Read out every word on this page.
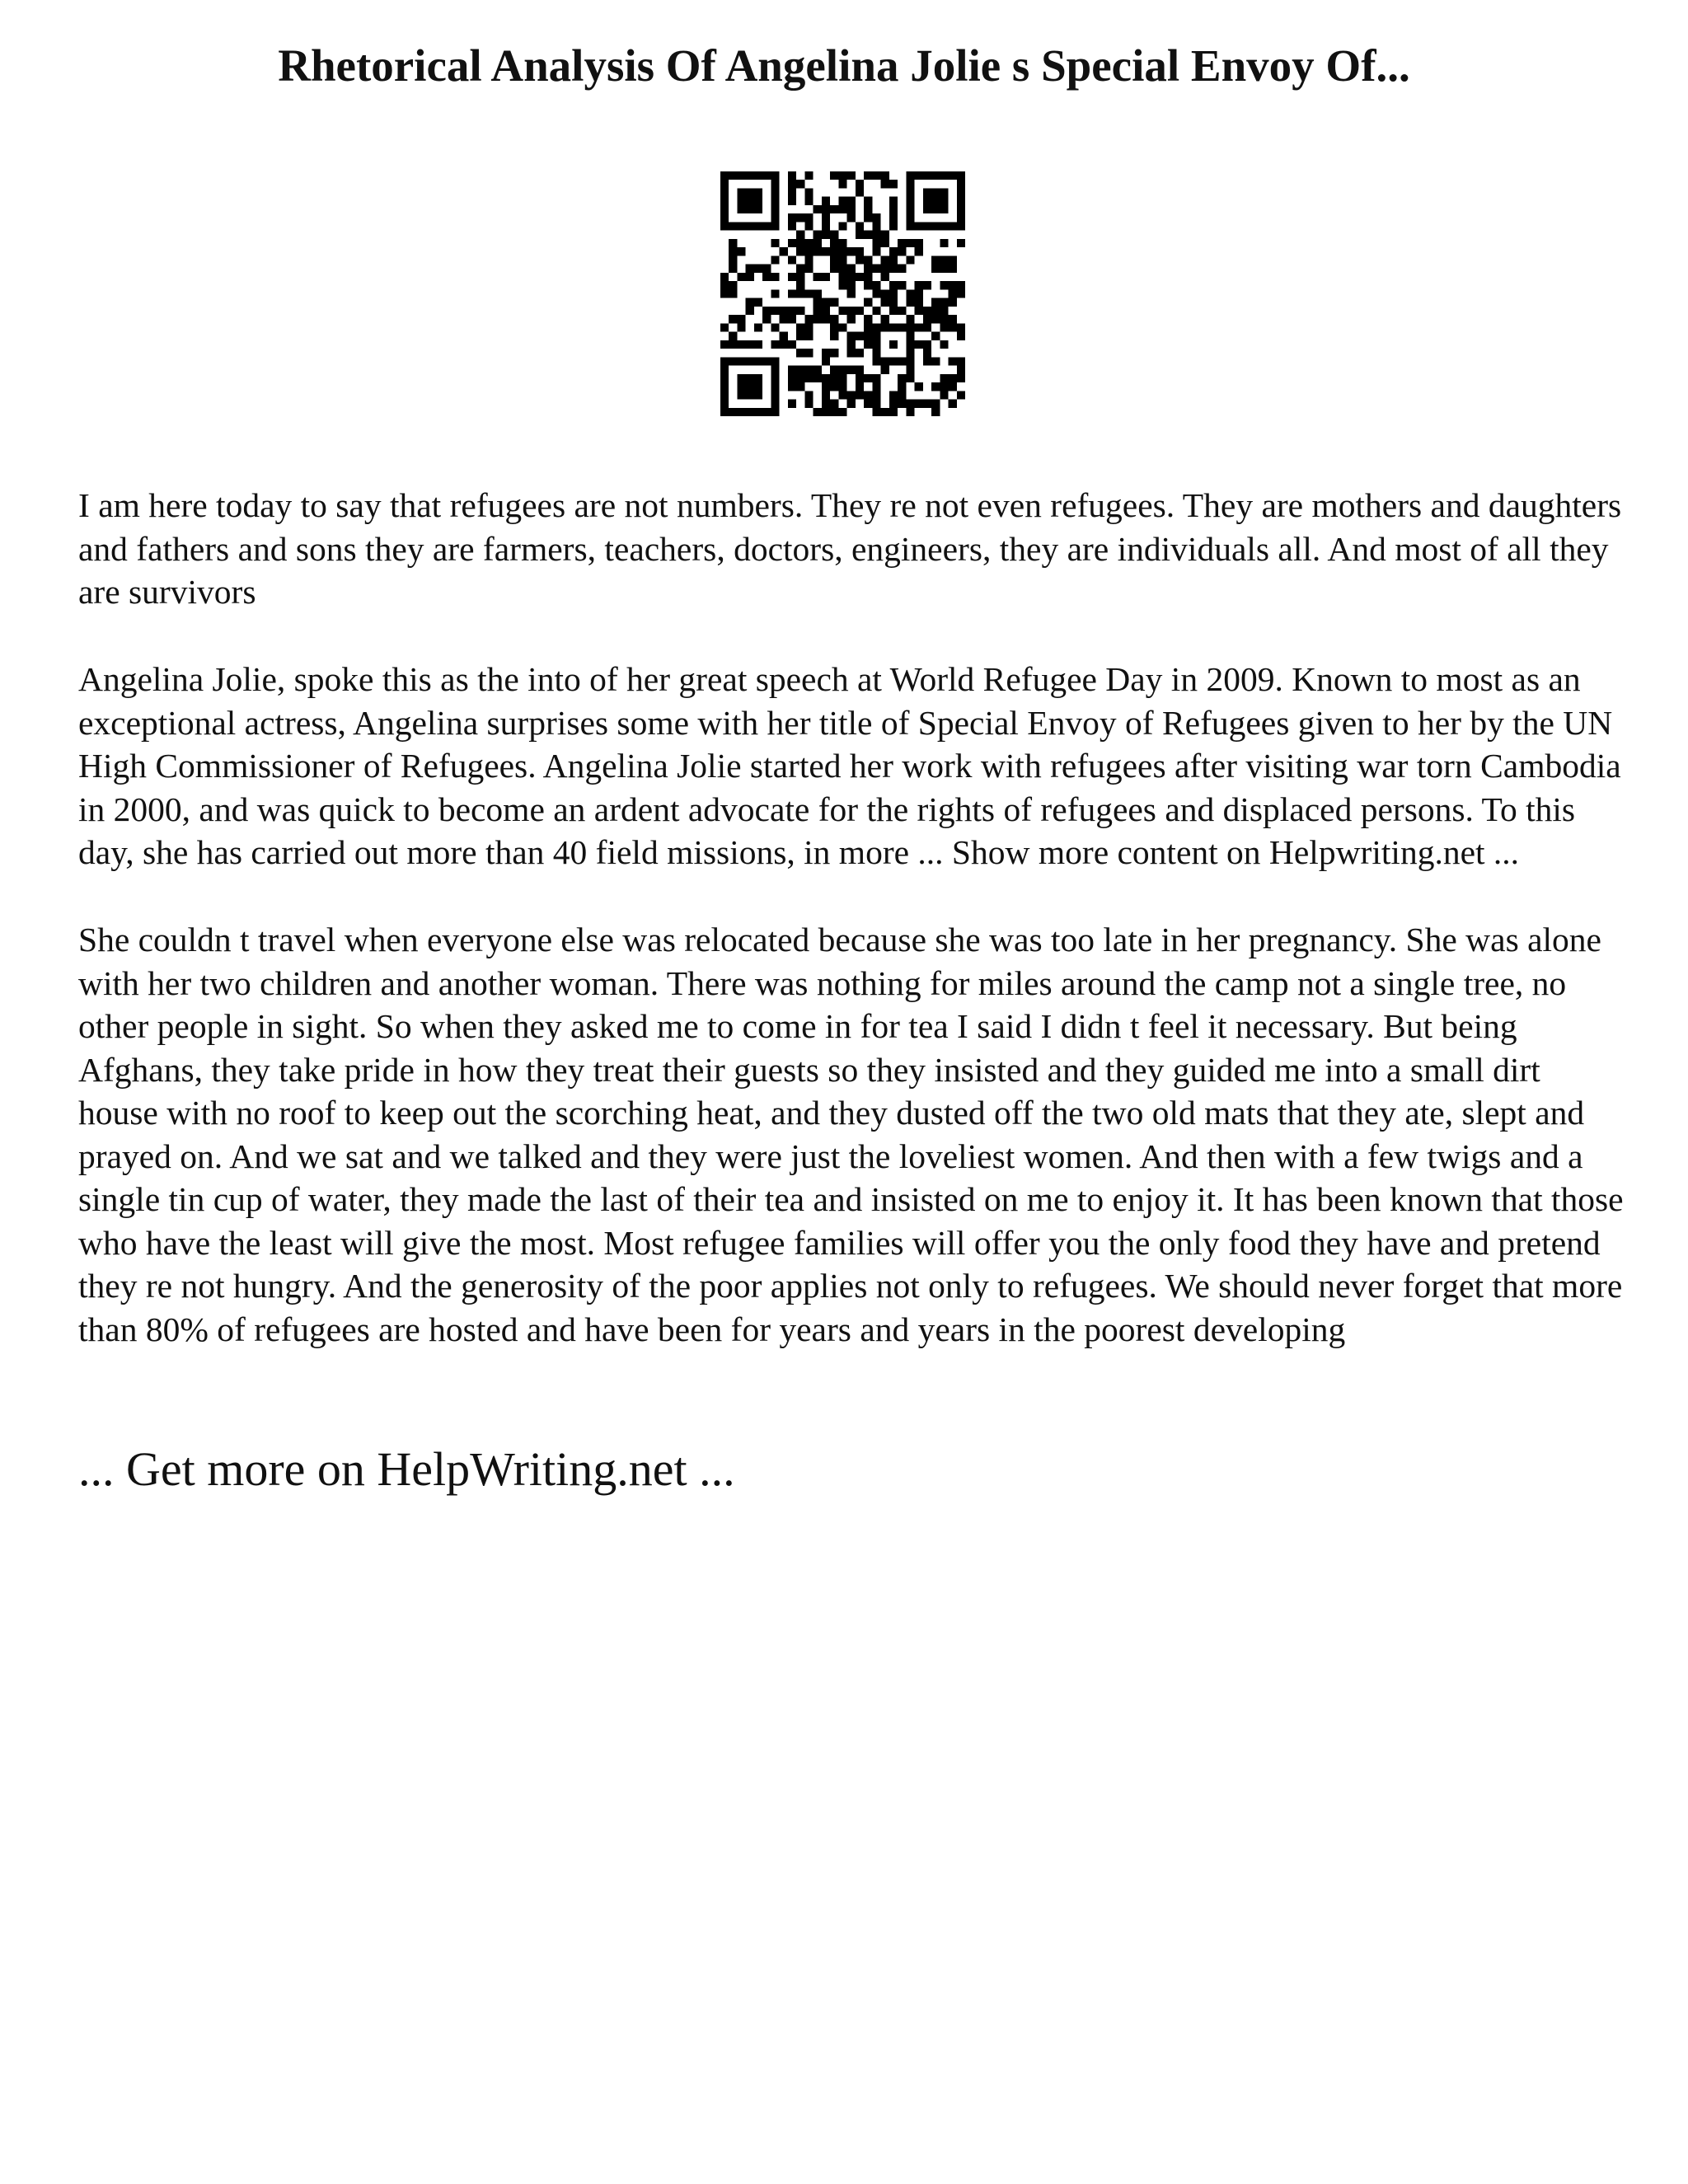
Rhetorical Analysis Of Angelina Jolie s Special Envoy Of...

I am here today to say that refugees are not numbers. They re not even refugees. They are mothers and daughters and fathers and sons they are farmers, teachers, doctors, engineers, they are individuals all. And most of all they are survivors

Angelina Jolie, spoke this as the into of her great speech at World Refugee Day in 2009. Known to most as an exceptional actress, Angelina surprises some with her title of Special Envoy of Refugees given to her by the UN High Commissioner of Refugees. Angelina Jolie started her work with refugees after visiting war torn Cambodia in 2000, and was quick to become an ardent advocate for the rights of refugees and displaced persons. To this day, she has carried out more than 40 field missions, in more ... Show more content on Helpwriting.net ...

She couldn t travel when everyone else was relocated because she was too late in her pregnancy. She was alone with her two children and another woman. There was nothing for miles around the camp not a single tree, no other people in sight. So when they asked me to come in for tea I said I didn t feel it necessary. But being Afghans, they take pride in how they treat their guests so they insisted and they guided me into a small dirt house with no roof to keep out the scorching heat, and they dusted off the two old mats that they ate, slept and prayed on. And we sat and we talked and they were just the loveliest women. And then with a few twigs and a single tin cup of water, they made the last of their tea and insisted on me to enjoy it. It has been known that those who have the least will give the most. Most refugee families will offer you the only food they have and pretend they re not hungry. And the generosity of the poor applies not only to refugees. We should never forget that more than 80% of refugees are hosted and have been for years and years in the poorest developing

... Get more on HelpWriting.net ...
